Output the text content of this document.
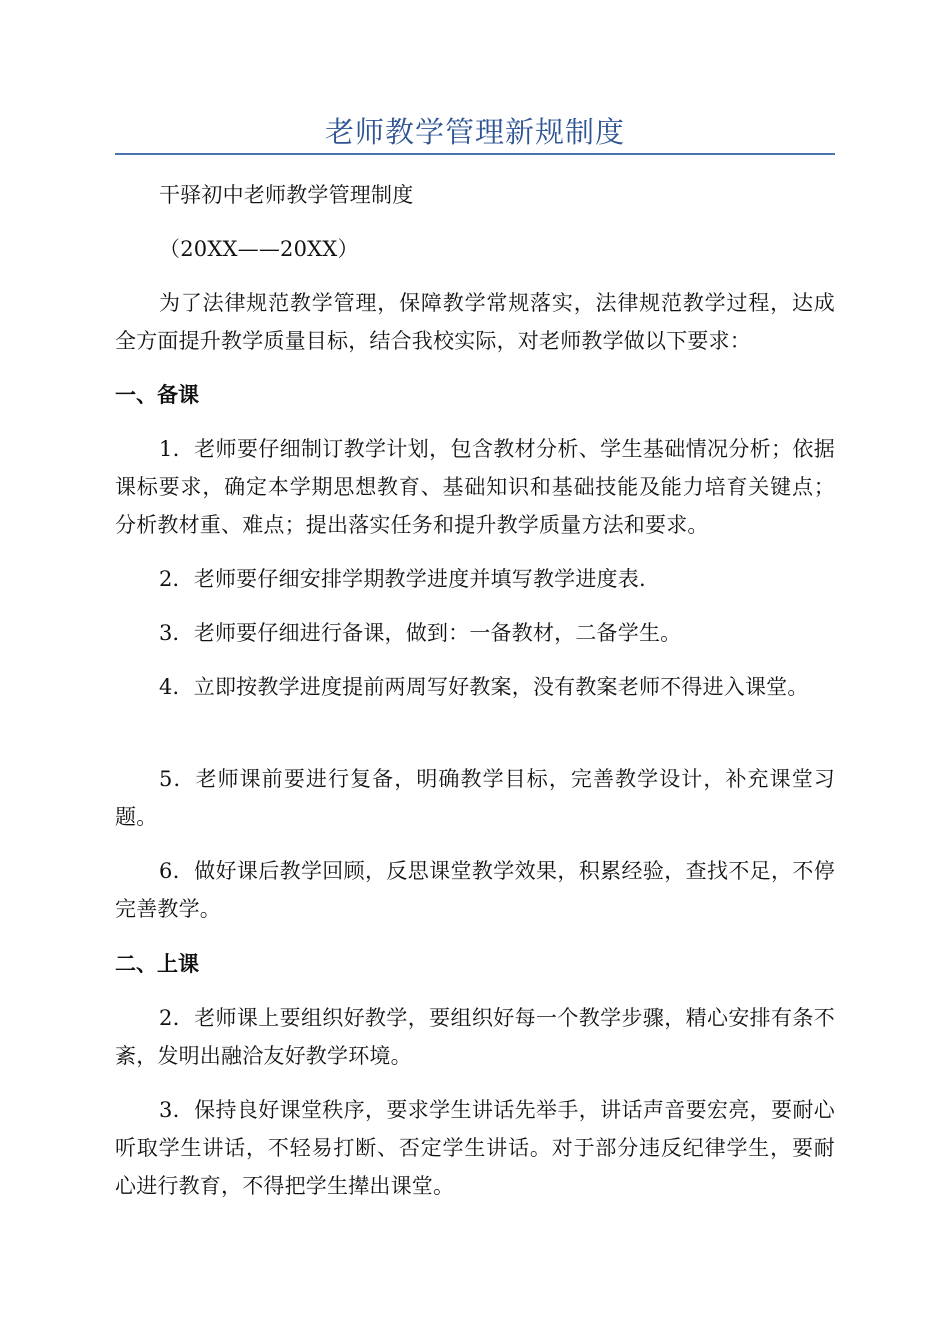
老师教学管理新规制度

干驿初中老师教学管理制度

（20XX——20XX）

为了法律规范教学管理，保障教学常规落实，法律规范教学过程，达成全方面提升教学质量目标，结合我校实际，对老师教学做以下要求：

一、备课

1．老师要仔细制订教学计划，包含教材分析、学生基础情况分析；依据课标要求，确定本学期思想教育、基础知识和基础技能及能力培育关键点；分析教材重、难点；提出落实任务和提升教学质量方法和要求。

2．老师要仔细安排学期教学进度并填写教学进度表.

3．老师要仔细进行备课，做到：一备教材，二备学生。

4．立即按教学进度提前两周写好教案，没有教案老师不得进入课堂。

5．老师课前要进行复备，明确教学目标，完善教学设计，补充课堂习题。

6．做好课后教学回顾，反思课堂教学效果，积累经验，查找不足，不停完善教学。

二、上课

2．老师课上要组织好教学，要组织好每一个教学步骤，精心安排有条不紊，发明出融洽友好教学环境。

3．保持良好课堂秩序，要求学生讲话先举手，讲话声音要宏亮，要耐心听取学生讲话，不轻易打断、否定学生讲话。对于部分违反纪律学生，要耐心进行教育，不得把学生撵出课堂。
